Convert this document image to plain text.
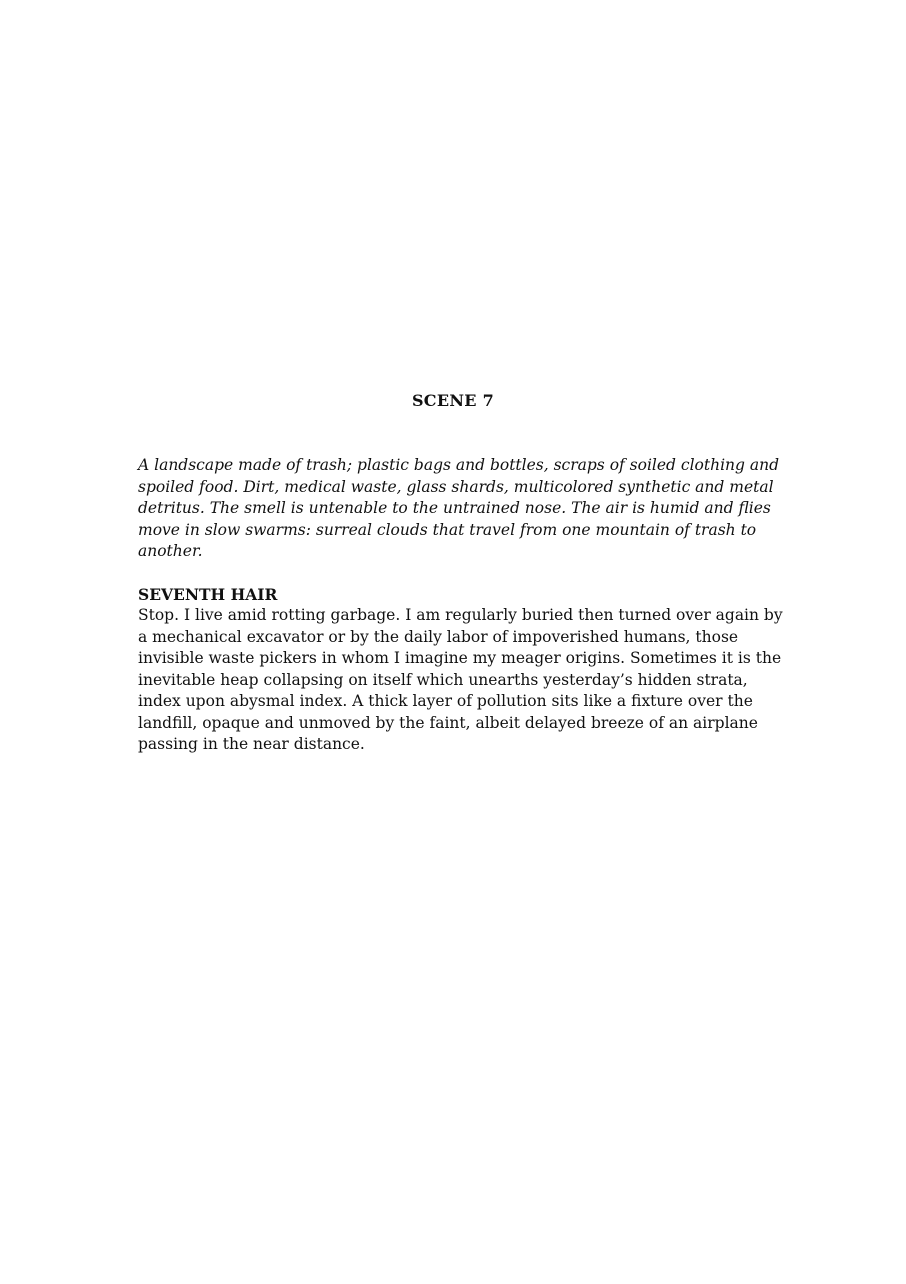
SCENE 7

A landscape made of trash; plastic bags and bottles, scraps of soiled clothing and
spoiled food. Dirt, medical waste, glass shards, multicolored synthetic and metal
detritus. The smell is untenable to the untrained nose. The air is humid and flies
move in slow swarms: surreal clouds that travel from one mountain of trash to
another.

SEVENTH HAIR

Stop. I live amid rotting garbage. I am regularly buried then turned over again by
a mechanical excavator or by the daily labor of impoverished humans, those
invisible waste pickers in whom I imagine my meager origins. Sometimes it is the
inevitable heap collapsing on itself which unearths yesterday’s hidden strata,
index upon abysmal index. A thick layer of pollution sits like a fixture over the
landfill, opaque and unmoved by the faint, albeit delayed breeze of an airplane
passing in the near distance.
